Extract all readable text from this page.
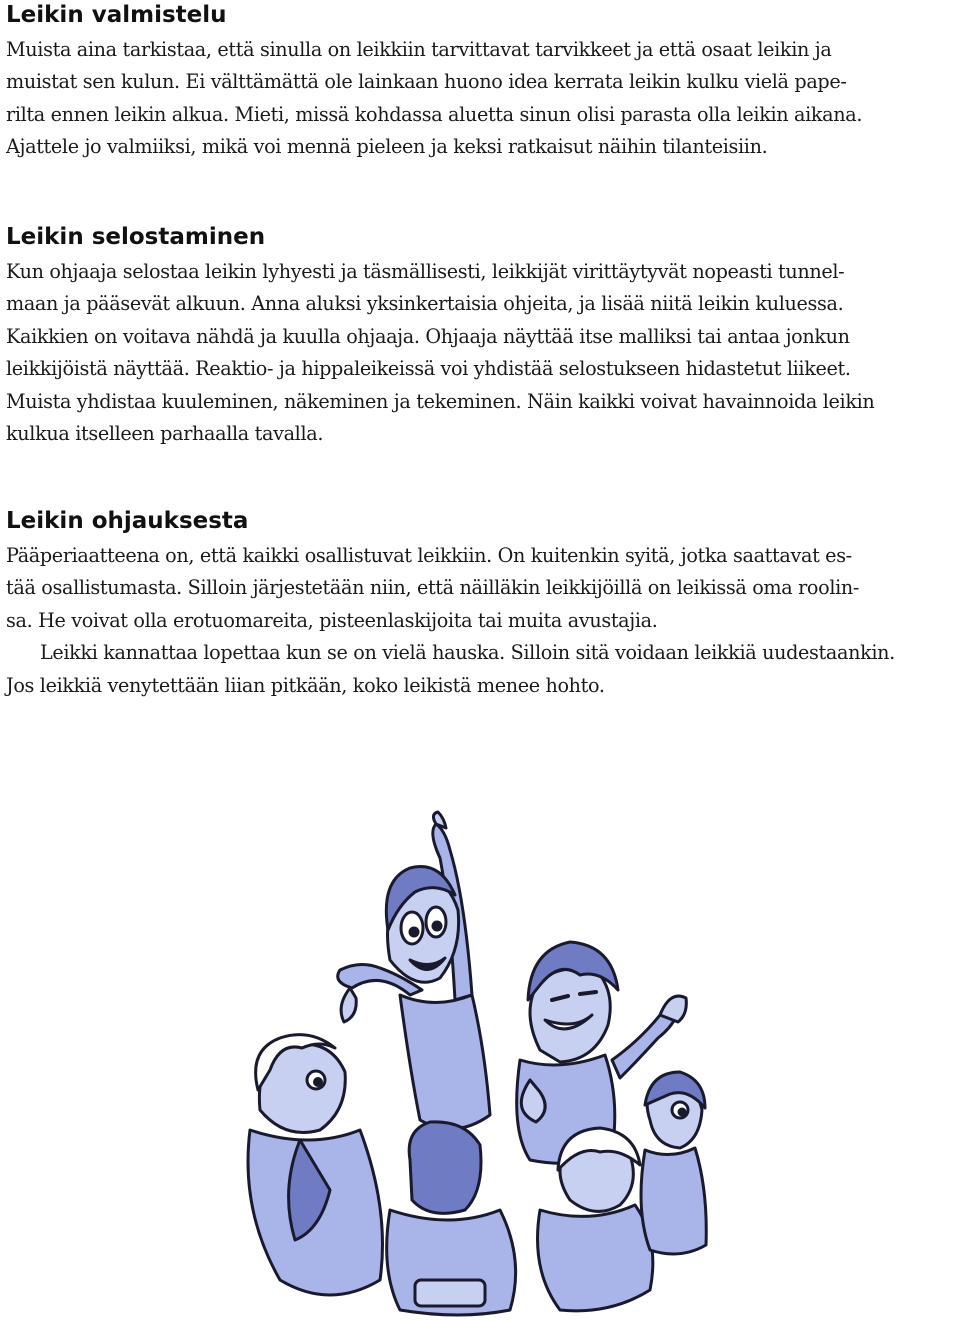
Leikin valmistelu
Muista aina tarkistaa, että sinulla on leikkiin tarvittavat tarvikkeet ja että osaat leikin ja
muistat sen kulun. Ei välttämättä ole lainkaan huono idea kerrata leikin kulku vielä pape-
rilta ennen leikin alkua. Mieti, missä kohdassa aluetta sinun olisi parasta olla leikin aikana.
Ajattele jo valmiiksi, mikä voi mennä pieleen ja keksi ratkaisut näihin tilanteisiin.
Leikin selostaminen
Kun ohjaaja selostaa leikin lyhyesti ja täsmällisesti, leikkijät virittäytyvät nopeasti tunnel-
maan ja pääsevät alkuun. Anna aluksi yksinkertaisia ohjeita, ja lisää niitä leikin kuluessa.
Kaikkien on voitava nähdä ja kuulla ohjaaja. Ohjaaja näyttää itse malliksi tai antaa jonkun
leikkijöistä näyttää. Reaktio- ja hippaleikeissä voi yhdistää selostukseen hidastetut liikeet.
Muista yhdistaa kuuleminen, näkeminen ja tekeminen. Näin kaikki voivat havainnoida leikin
kulkua itselleen parhaalla tavalla.
Leikin ohjauksesta
Pääperiaatteena on, että kaikki osallistuvat leikkiin. On kuitenkin syitä, jotka saattavat es-
tää osallistumasta. Silloin järjestetään niin, että näilläkin leikkijöillä on leikissä oma roolin-
sa. He voivat olla erotuomareita, pisteenlaskijoita tai muita avustajia.
Leikki kannattaa lopettaa kun se on vielä hauska. Silloin sitä voidaan leikkiä uudestaankin.
Jos leikkiä venytettään liian pitkään, koko leikistä menee hohto.
